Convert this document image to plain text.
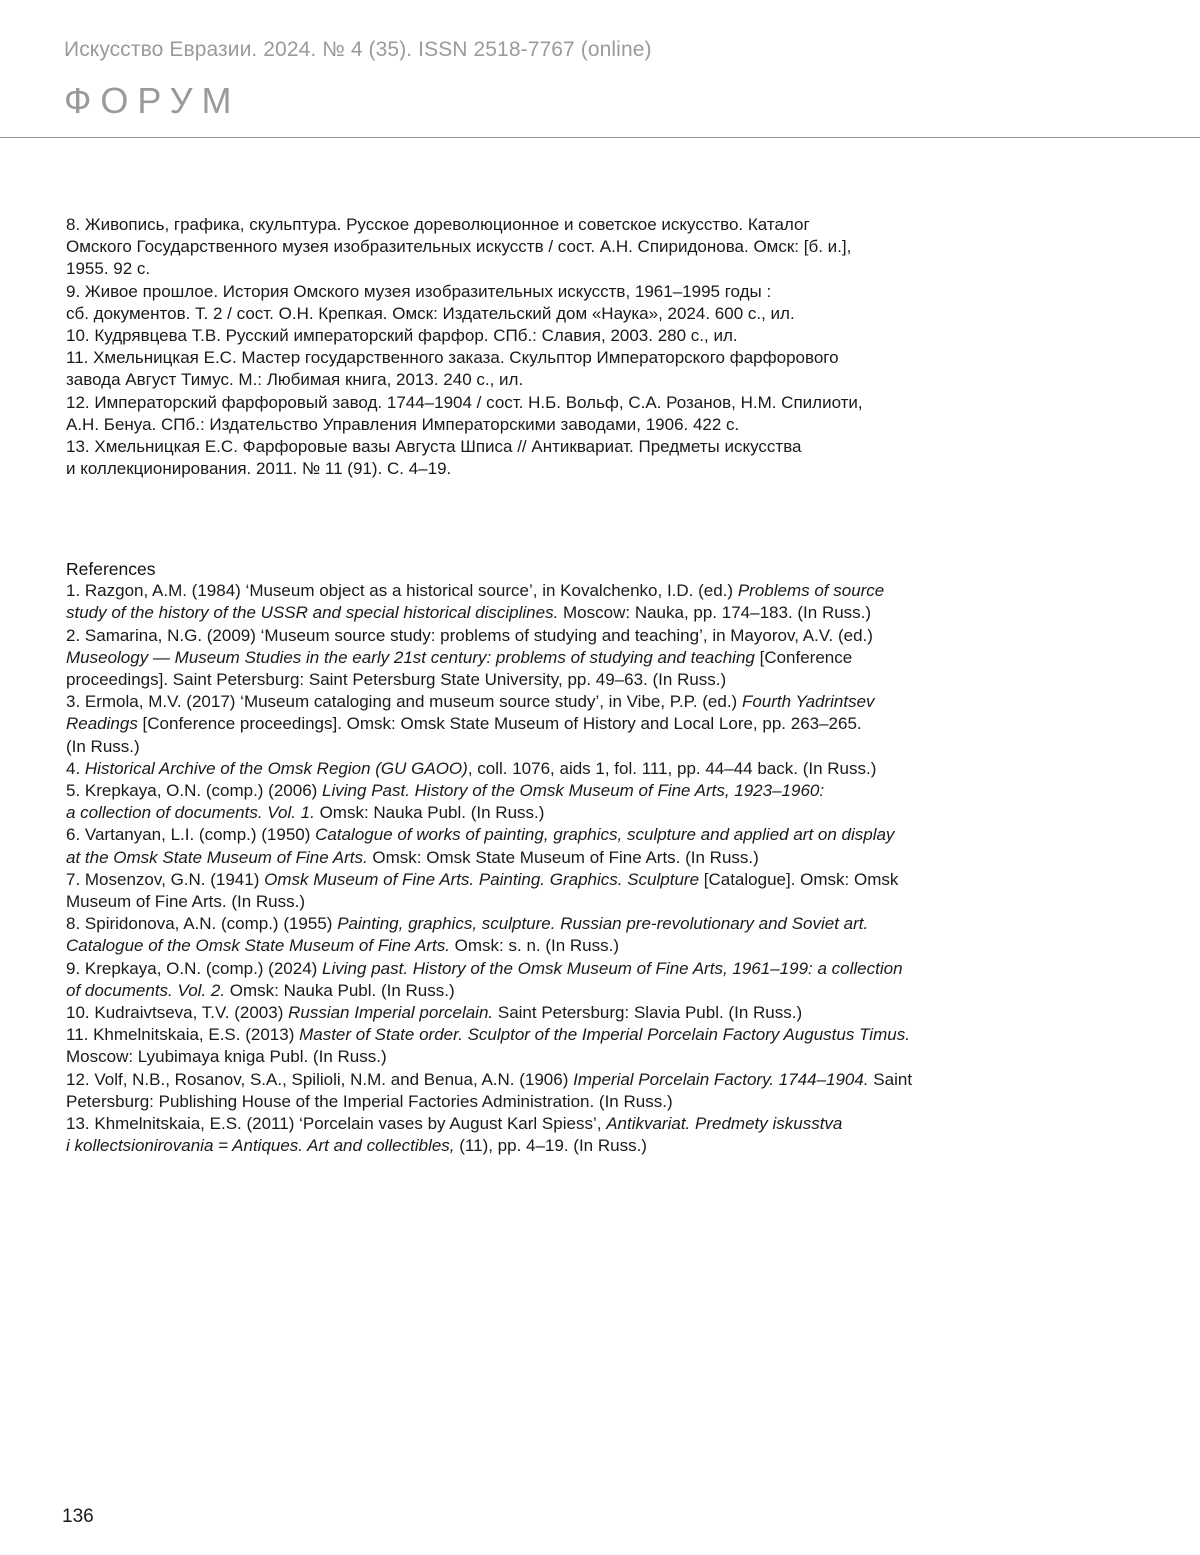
Искусство Евразии. 2024. № 4 (35). ISSN 2518-7767 (online)
ФОРУМ
8. Живопись, графика, скульптура. Русское дореволюционное и советское искусство. Каталог
Омского Государственного музея изобразительных искусств / сост. А.Н. Спиридонова. Омск: [б. и.],
1955. 92 с.
9. Живое прошлое. История Омского музея изобразительных искусств, 1961–1995 годы :
сб. документов. Т. 2 / сост. О.Н. Крепкая. Омск: Издательский дом «Наука», 2024. 600 с., ил.
10. Кудрявцева Т.В. Русский императорский фарфор. СПб.: Славия, 2003. 280 с., ил.
11. Хмельницкая Е.С. Мастер государственного заказа. Скульптор Императорского фарфорового
завода Август Тимус. М.: Любимая книга, 2013. 240 с., ил.
12. Императорский фарфоровый завод. 1744–1904 / сост. Н.Б. Вольф, С.А. Розанов, Н.М. Спилиоти,
А.Н. Бенуа. СПб.: Издательство Управления Императорскими заводами, 1906. 422 с.
13. Хмельницкая Е.С. Фарфоровые вазы Августа Шписа // Антиквариат. Предметы искусства
и коллекционирования. 2011. № 11 (91). С. 4–19.
References
1. Razgon, A.M. (1984) ‘Museum object as a historical source’, in Kovalchenko, I.D. (ed.) Problems of source
study of the history of the USSR and special historical disciplines. Moscow: Nauka, pp. 174–183. (In Russ.)
2. Samarina, N.G. (2009) ‘Museum source study: problems of studying and teaching’, in Mayorov, A.V. (ed.)
Museology — Museum Studies in the early 21st century: problems of studying and teaching [Conference
proceedings]. Saint Petersburg: Saint Petersburg State University, pp. 49–63. (In Russ.)
3. Ermola, M.V. (2017) ‘Museum cataloging and museum source study’, in Vibe, P.P. (ed.) Fourth Yadrintsev
Readings [Conference proceedings]. Omsk: Omsk State Museum of History and Local Lore, pp. 263–265.
(In Russ.)
4. Historical Archive of the Omsk Region (GU GAOO), coll. 1076, aids 1, fol. 111, pp. 44–44 back. (In Russ.)
5. Krepkaya, O.N. (comp.) (2006) Living Past. History of the Omsk Museum of Fine Arts, 1923–1960:
a collection of documents. Vol. 1. Omsk: Nauka Publ. (In Russ.)
6. Vartanyan, L.I. (comp.) (1950) Catalogue of works of painting, graphics, sculpture and applied art on display
at the Omsk State Museum of Fine Arts. Omsk: Omsk State Museum of Fine Arts. (In Russ.)
7. Mosenzov, G.N. (1941) Omsk Museum of Fine Arts. Painting. Graphics. Sculpture [Catalogue]. Omsk: Omsk
Museum of Fine Arts. (In Russ.)
8. Spiridonova, A.N. (comp.) (1955) Painting, graphics, sculpture. Russian pre-revolutionary and Soviet art.
Catalogue of the Omsk State Museum of Fine Arts. Omsk: s. n. (In Russ.)
9. Krepkaya, O.N. (comp.) (2024) Living past. History of the Omsk Museum of Fine Arts, 1961–199: a collection
of documents. Vol. 2. Omsk: Nauka Publ. (In Russ.)
10. Kudraivtseva, T.V. (2003) Russian Imperial porcelain. Saint Petersburg: Slavia Publ. (In Russ.)
11. Khmelnitskaia, E.S. (2013) Master of State order. Sculptor of the Imperial Porcelain Factory Augustus Timus.
Moscow: Lyubimaya kniga Publ. (In Russ.)
12. Volf, N.B., Rosanov, S.A., Spilioli, N.M. and Benua, A.N. (1906) Imperial Porcelain Factory. 1744–1904. Saint
Petersburg: Publishing House of the Imperial Factories Administration. (In Russ.)
13. Khmelnitskaia, E.S. (2011) ‘Porcelain vases by August Karl Spiess’, Antikvariat. Predmety iskusstva
i kollectsionirovania = Antiques. Art and collectibles, (11), pp. 4–19. (In Russ.)
136
